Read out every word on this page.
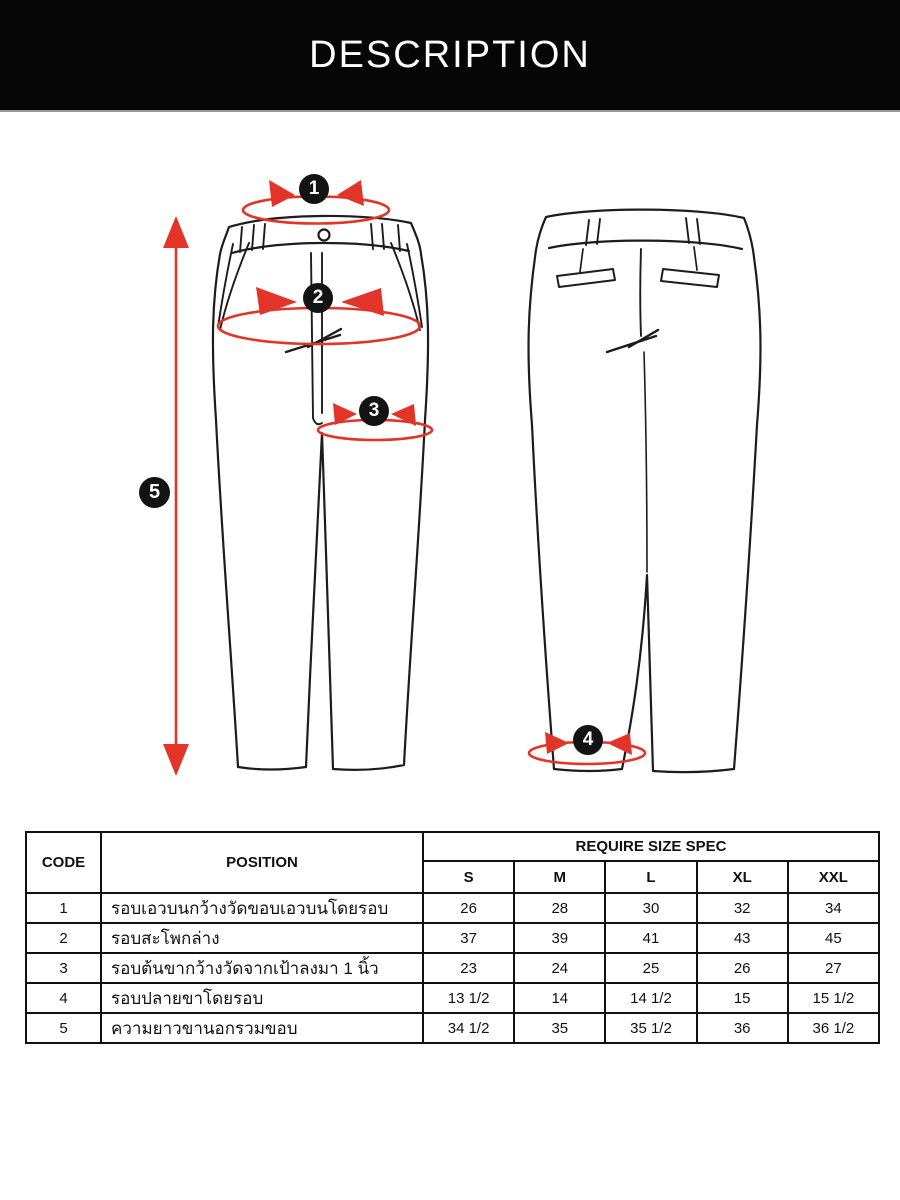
DESCRIPTION
1
2
3
4
5
CODE	POSITION	REQUIRE SIZE SPEC				
		S	M	L	XL	XXL
1	รอบเอวบนกว้างวัดขอบเอวบนโดยรอบ	26	28	30	32	34
2	รอบสะโพกล่าง	37	39	41	43	45
3	รอบต้นขากว้างวัดจากเป้าลงมา 1 นิ้ว	23	24	25	26	27
4	รอบปลายขาโดยรอบ	13 1/2	14	14 1/2	15	15 1/2
5	ความยาวขานอกรวมขอบ	34 1/2	35	35 1/2	36	36 1/2
